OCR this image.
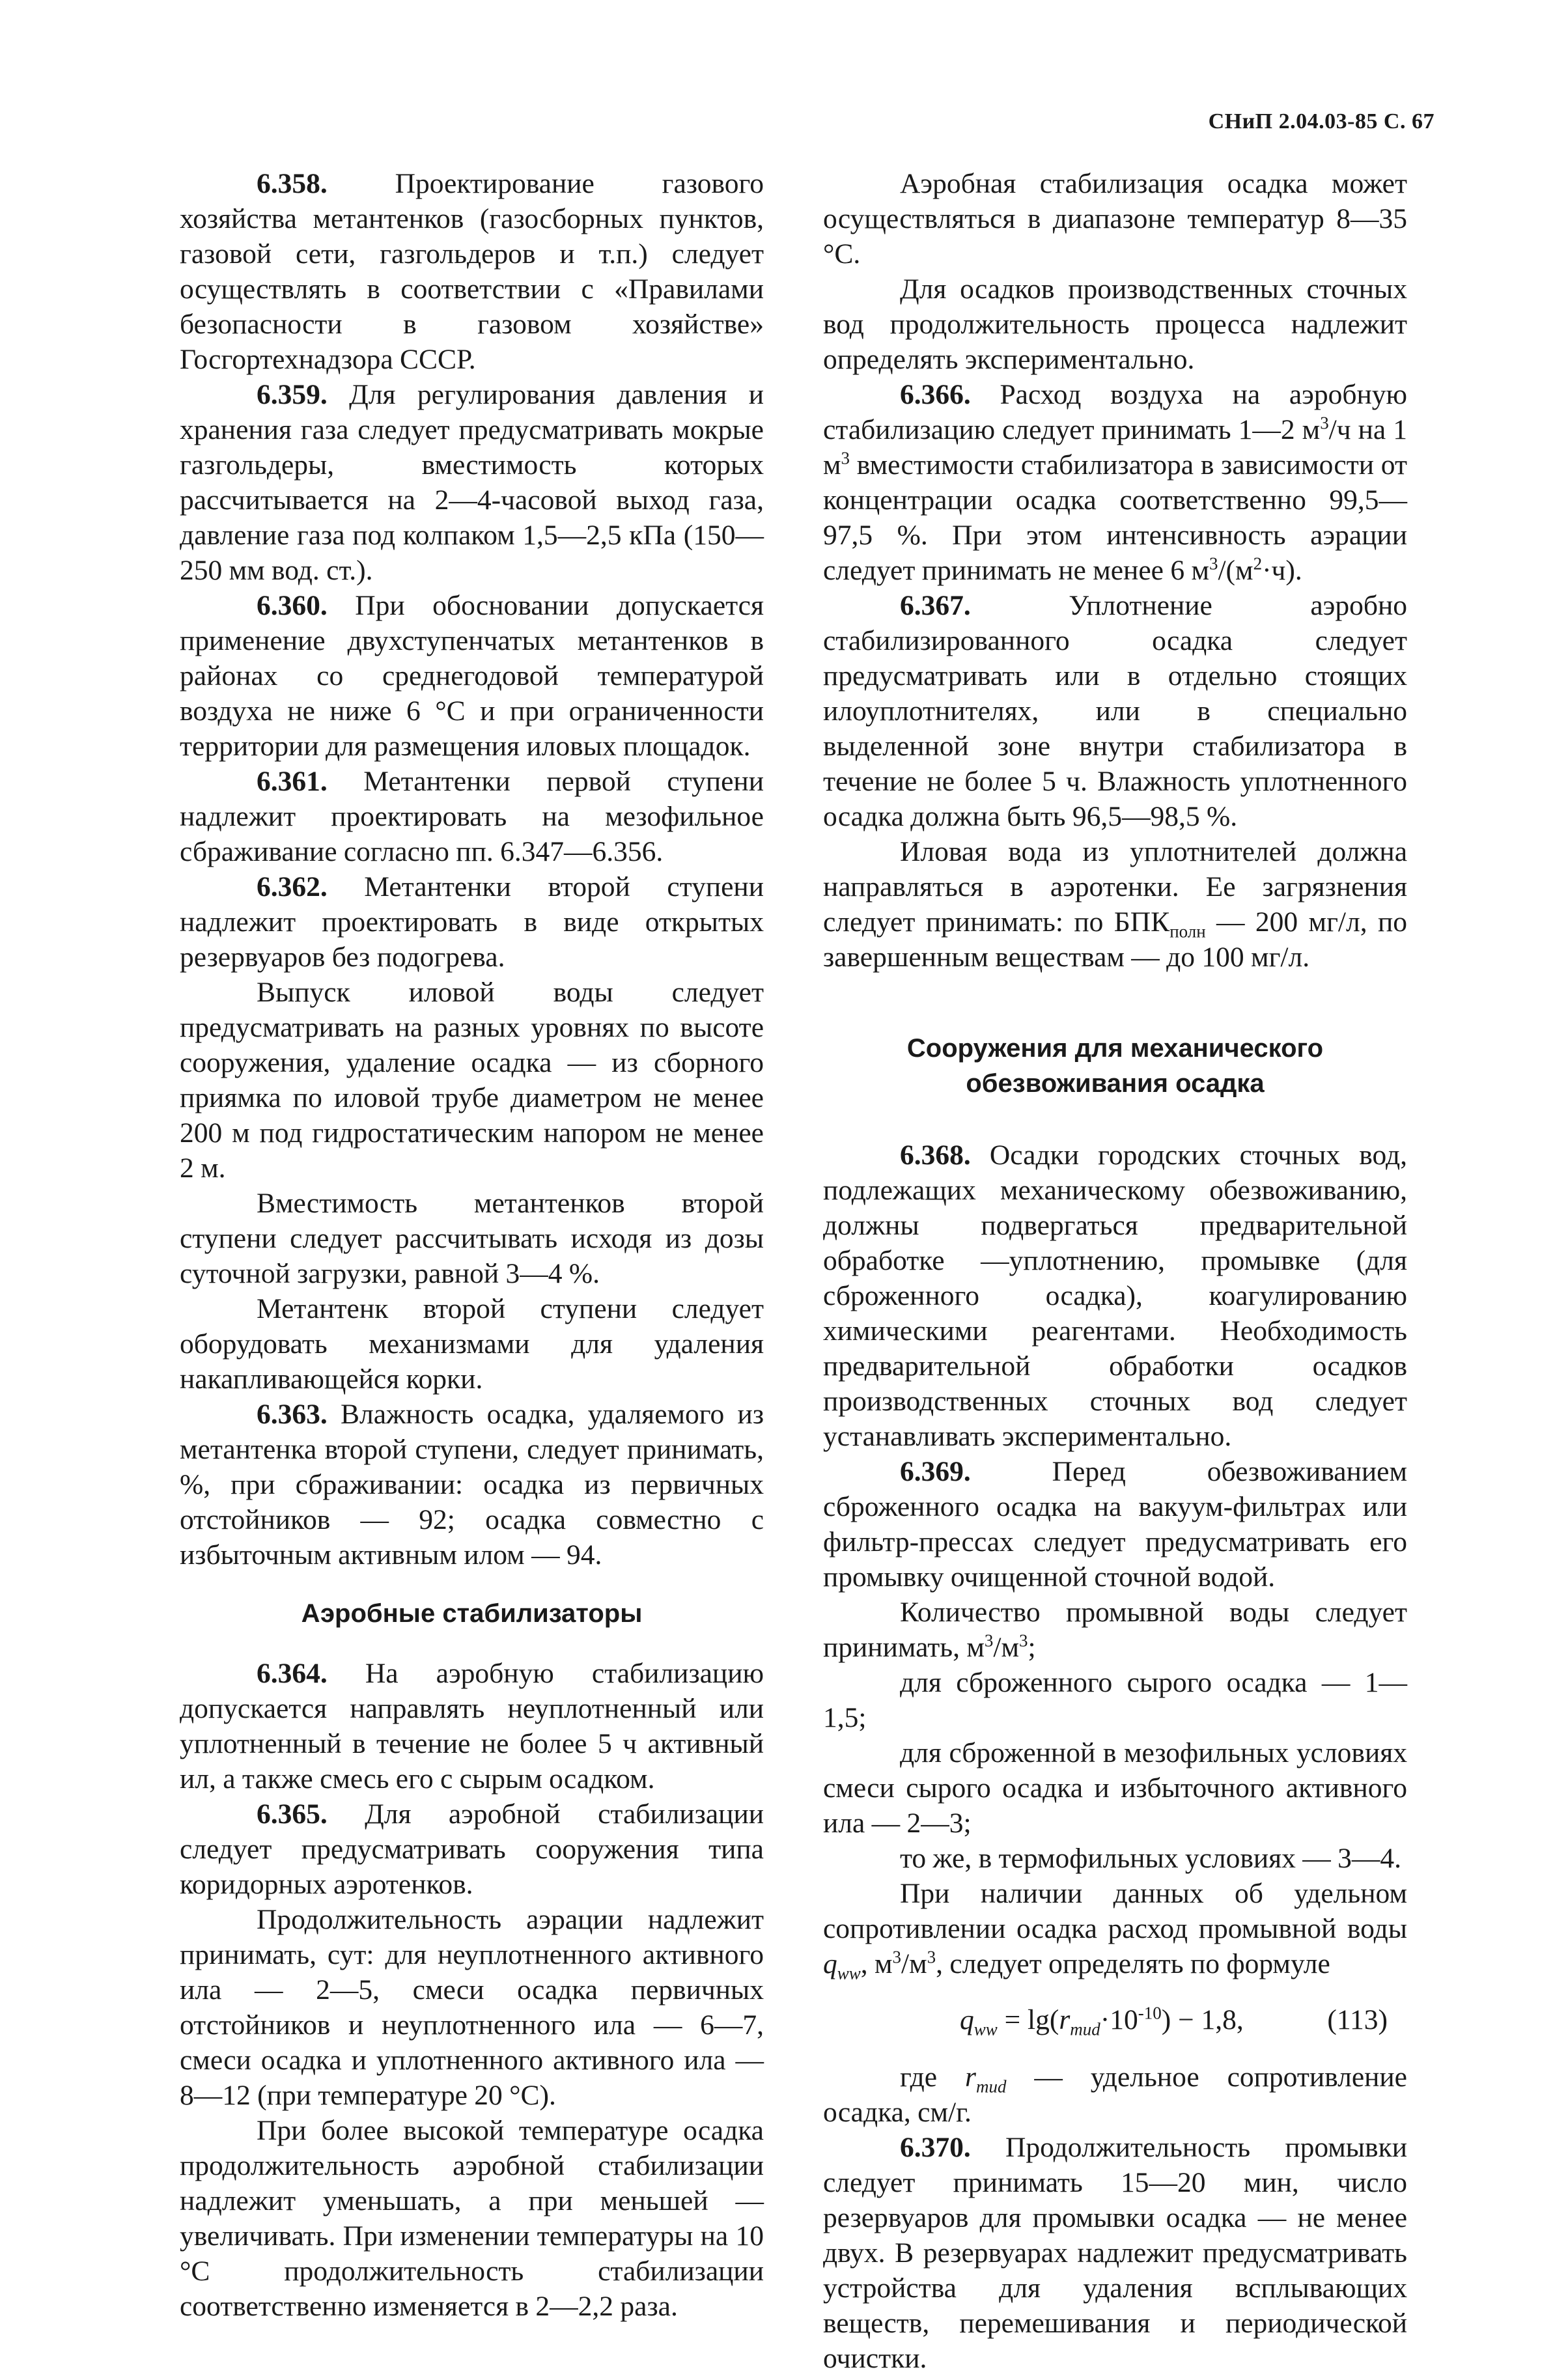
СНиП 2.04.03-85 С. 67

6.358. Проектирование газового хозяйства метантенков (газосборных пунктов, газовой сети, газгольдеров и т.п.) следует осуществлять в соответствии с «Правилами безопасности в газовом хозяйстве» Госгортехнадзора СССР.

6.359. Для регулирования давления и хранения газа следует предусматривать мокрые газгольдеры, вместимость которых рассчитывается на 2—4-часовой выход газа, давление газа под колпаком 1,5—2,5 кПа (150—250 мм вод. ст.).

6.360. При обосновании допускается применение двухступенчатых метантенков в районах со среднегодовой температурой воздуха не ниже 6 °С и при ограниченности территории для размещения иловых площадок.

6.361. Метантенки первой ступени надлежит проектировать на мезофильное сбраживание согласно пп. 6.347—6.356.

6.362. Метантенки второй ступени надлежит проектировать в виде открытых резервуаров без подогрева.

Выпуск иловой воды следует предусматривать на разных уровнях по высоте сооружения, удаление осадка — из сборного приямка по иловой трубе диаметром не менее 200 м под гидростатическим напором не менее 2 м.

Вместимость метантенков второй ступени следует рассчитывать исходя из дозы суточной загрузки, равной 3—4 %.

Метантенк второй ступени следует оборудовать механизмами для удаления накапливающейся корки.

6.363. Влажность осадка, удаляемого из метантенка второй ступени, следует принимать, %, при сбраживании: осадка из первичных отстойников — 92; осадка совместно с избыточным активным илом — 94.

Аэробные стабилизаторы

6.364. На аэробную стабилизацию допускается направлять неуплотненный или уплотненный в течение не более 5 ч активный ил, а также смесь его с сырым осадком.

6.365. Для аэробной стабилизации следует предусматривать сооружения типа коридорных аэротенков.

Продолжительность аэрации надлежит принимать, сут: для неуплотненного активного ила — 2—5, смеси осадка первичных отстойников и неуплотненного ила — 6—7, смеси осадка и уплотненного активного ила — 8—12 (при температуре 20 °С).

При более высокой температуре осадка продолжительность аэробной стабилизации надлежит уменьшать, а при меньшей — увеличивать. При изменении температуры на 10 °С продолжительность стабилизации соответственно изменяется в 2—2,2 раза.

Аэробная стабилизация осадка может осуществляться в диапазоне температур 8—35 °С.

Для осадков производственных сточных вод продолжительность процесса надлежит определять экспериментально.

6.366. Расход воздуха на аэробную стабилизацию следует принимать 1—2 $м^3/ч$ на 1 $м^3$ вместимости стабилизатора в зависимости от концентрации осадка соответственно 99,5—97,5 %. При этом интенсивность аэрации следует принимать не менее 6 $м^3/(м^2\cdot ч)$.

6.367.	Уплотнение аэробно стабилизированного осадка следует предусматривать или в отдельно стоящих илоуплотнителях, или в специально выделенной зоне внутри стабилизатора в течение не более 5 ч. Влажность уплотненного осадка должна быть 96,5—98,5 %.

Иловая вода из уплотнителей должна направляться в аэротенки. Ее загрязнения следует принимать: по $БПК_{полн}$ — 200 мг/л, по завершенным веществам — до 100 мг/л.

Сооружения для механического обезвоживания осадка

6.368. Осадки городских сточных вод, подлежащих механическому обезвоживанию, должны подвергаться предварительной обработке —уплотнению, промывке (для сброженного осадка), коагулированию химическими реагентами. Необходимость предварительной обработки осадков производственных сточных вод следует устанавливать экспериментально.

6.369.	Перед обезвоживанием сброженного осадка на вакуум-фильтрах или фильтр-прессах следует предусматривать его промывку очищенной сточной водой.

Количество промывной воды следует принимать, $м^3/м^3$;

для сброженного сырого осадка — 1—1,5;

для сброженной в мезофильных условиях смеси сырого осадка и избыточного активного ила — 2—3;

то же, в термофильных условиях — 3—4.

При наличии данных об удельном сопротивлении осадка расход промывной воды $q_{ww}$, $м^3/м^3$, следует определять по формуле

$q_{ww} = \lg(r_{mud}\cdot 10^{-10}) - 1,8$,	(113)

где $r_{mud}$ — удельное сопротивление осадка, см/г.

6.370. Продолжительность промывки следует принимать 15—20 мин, число резервуаров для промывки осадка — не менее двух. В резервуарах надлежит предусматривать устройства для удаления всплывающих веществ, перемешивания и периодической очистки.
